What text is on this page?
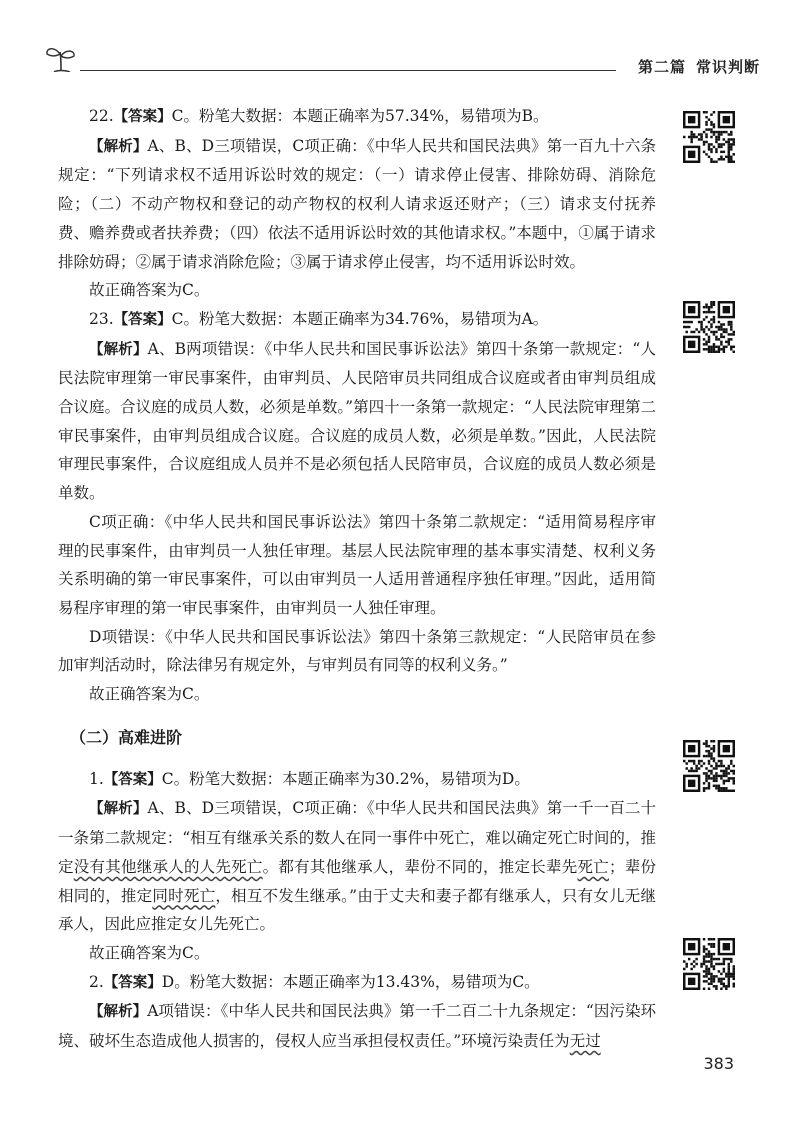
第二篇 常识判断

22.【答案】C。粉笔大数据：本题正确率为57.34%，易错项为B。

【解析】A、B、D三项错误，C项正确：《中华人民共和国民法典》第一百九十六条规定：“下列请求权不适用诉讼时效的规定：（一）请求停止侵害、排除妨碍、消除危险；（二）不动产物权和登记的动产物权的权利人请求返还财产；（三）请求支付抚养费、赡养费或者扶养费；（四）依法不适用诉讼时效的其他请求权。”本题中，①属于请求排除妨碍；②属于请求消除危险；③属于请求停止侵害，均不适用诉讼时效。

故正确答案为C。

23.【答案】C。粉笔大数据：本题正确率为34.76%，易错项为A。

【解析】A、B两项错误：《中华人民共和国民事诉讼法》第四十条第一款规定：“人民法院审理第一审民事案件，由审判员、人民陪审员共同组成合议庭或者由审判员组成合议庭。合议庭的成员人数，必须是单数。”第四十一条第一款规定：“人民法院审理第二审民事案件，由审判员组成合议庭。合议庭的成员人数，必须是单数。”因此，人民法院审理民事案件，合议庭组成人员并不是必须包括人民陪审员，合议庭的成员人数必须是单数。

C项正确：《中华人民共和国民事诉讼法》第四十条第二款规定：“适用简易程序审理的民事案件，由审判员一人独任审理。基层人民法院审理的基本事实清楚、权利义务关系明确的第一审民事案件，可以由审判员一人适用普通程序独任审理。”因此，适用简易程序审理的第一审民事案件，由审判员一人独任审理。

D项错误：《中华人民共和国民事诉讼法》第四十条第三款规定：“人民陪审员在参加审判活动时，除法律另有规定外，与审判员有同等的权利义务。”

故正确答案为C。

（二）高难进阶

1.【答案】C。粉笔大数据：本题正确率为30.2%，易错项为D。

【解析】A、B、D三项错误，C项正确：《中华人民共和国民法典》第一千一百二十一条第二款规定：“相互有继承关系的数人在同一事件中死亡，难以确定死亡时间的，推定没有其他继承人的人先死亡。都有其他继承人，辈份不同的，推定长辈先死亡；辈份相同的，推定同时死亡，相互不发生继承。”由于丈夫和妻子都有继承人，只有女儿无继承人，因此应推定女儿先死亡。

故正确答案为C。

2.【答案】D。粉笔大数据：本题正确率为13.43%，易错项为C。

【解析】A项错误：《中华人民共和国民法典》第一千二百二十九条规定：“因污染环境、破坏生态造成他人损害的，侵权人应当承担侵权责任。”环境污染责任为无过

383
